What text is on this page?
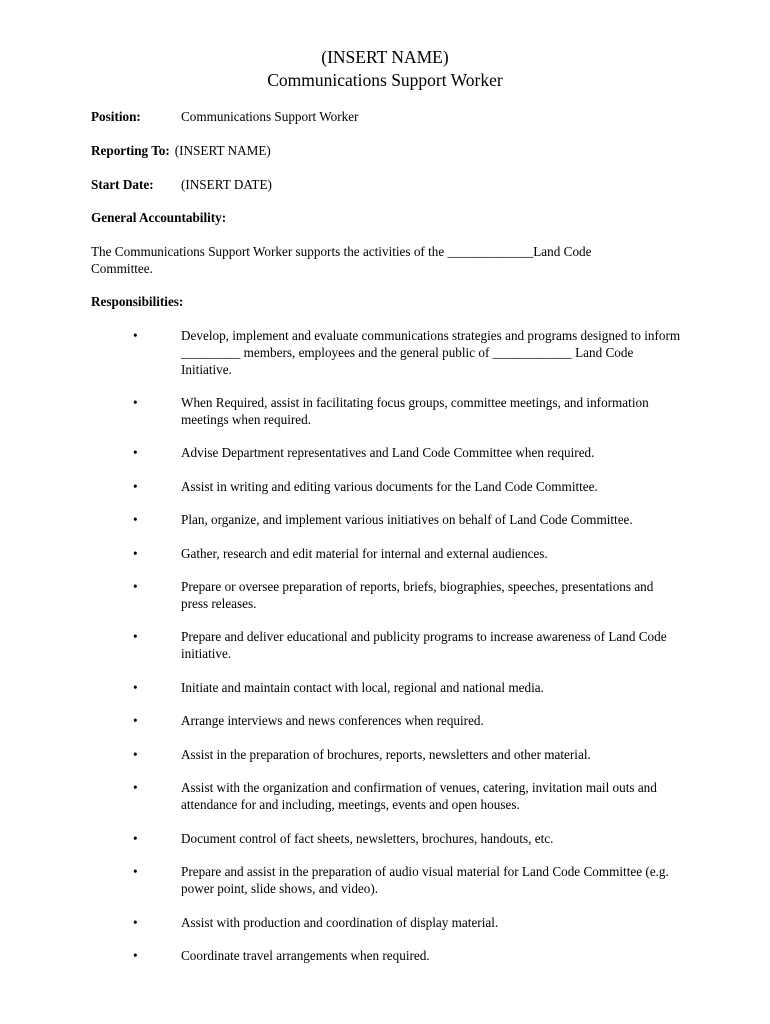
(INSERT NAME)
Communications Support Worker
Position:	Communications Support Worker
Reporting To: (INSERT NAME)
Start Date: (INSERT DATE)
General Accountability:
The Communications Support Worker supports the activities of the _____________Land Code Committee.
Responsibilities:
•	Develop, implement and evaluate communications strategies and programs designed to inform _________ members, employees and the general public of ____________ Land Code Initiative.
•	When Required, assist in facilitating focus groups, committee meetings, and information meetings when required.
•	Advise Department representatives and Land Code Committee when required.
•	Assist in writing and editing various documents for the Land Code Committee.
•	Plan, organize, and implement various initiatives on behalf of Land Code Committee.
•	Gather, research and edit material for internal and external audiences.
•	Prepare or oversee preparation of reports, briefs, biographies, speeches, presentations and press releases.
•	Prepare and deliver educational and publicity programs to increase awareness of Land Code initiative.
•	Initiate and maintain contact with local, regional and national media.
•	Arrange interviews and news conferences when required.
•	Assist in the preparation of brochures, reports, newsletters and other material.
•	Assist with the organization and confirmation of venues, catering, invitation mail outs and attendance for and including, meetings, events and open houses.
•	Document control of fact sheets, newsletters, brochures, handouts, etc.
•	Prepare and assist in the preparation of audio visual material for Land Code Committee (e.g. power point, slide shows, and video).
•	Assist with production and coordination of display material.
•	Coordinate travel arrangements when required.
